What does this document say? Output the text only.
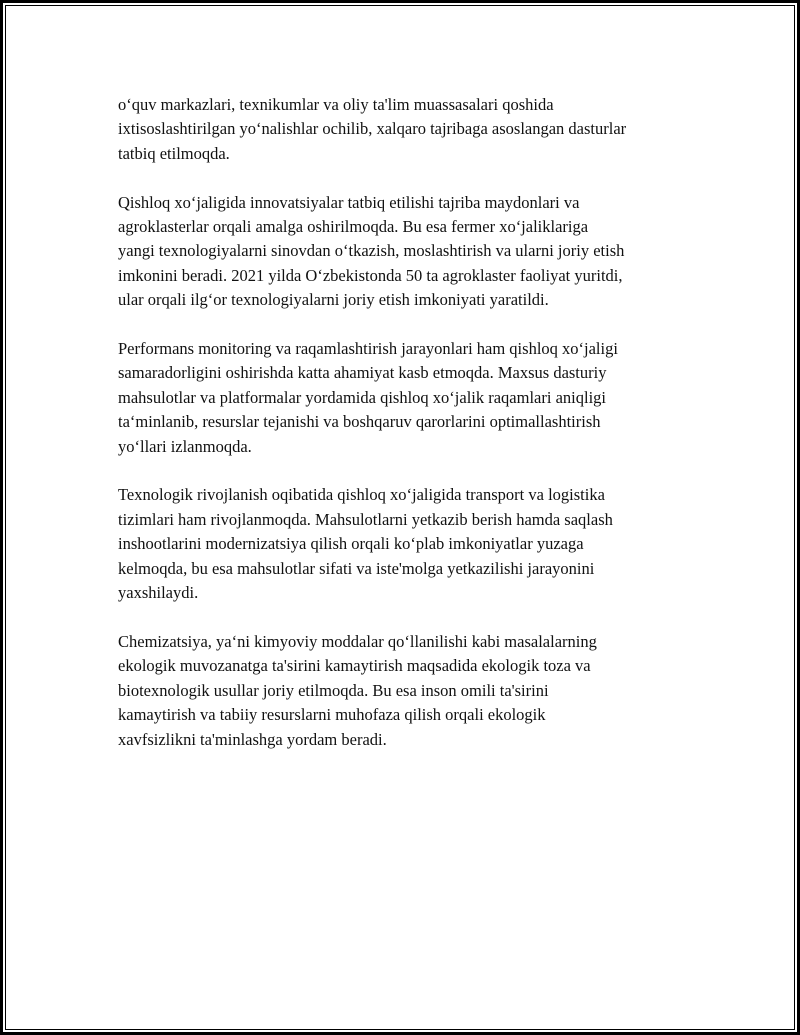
o‘quv markazlari, texnikumlar va oliy ta'lim muassasalari qoshida
ixtisoslashtirilgan yo‘nalishlar ochilib, xalqaro tajribaga asoslangan dasturlar
tatbiq etilmoqda.

Qishloq xo‘jaligida innovatsiyalar tatbiq etilishi tajriba maydonlari va
agroklasterlar orqali amalga oshirilmoqda. Bu esa fermer xo‘jaliklariga
yangi texnologiyalarni sinovdan o‘tkazish, moslashtirish va ularni joriy etish
imkonini beradi. 2021 yilda O‘zbekistonda 50 ta agroklaster faoliyat yuritdi,
ular orqali ilg‘or texnologiyalarni joriy etish imkoniyati yaratildi.

Performans monitoring va raqamlashtirish jarayonlari ham qishloq xo‘jaligi
samaradorligini oshirishda katta ahamiyat kasb etmoqda. Maxsus dasturiy
mahsulotlar va platformalar yordamida qishloq xo‘jalik raqamlari aniqligi
ta‘minlanib, resurslar tejanishi va boshqaruv qarorlarini optimallashtirish
yo‘llari izlanmoqda.

Texnologik rivojlanish oqibatida qishloq xo‘jaligida transport va logistika
tizimlari ham rivojlanmoqda. Mahsulotlarni yetkazib berish hamda saqlash
inshootlarini modernizatsiya qilish orqali ko‘plab imkoniyatlar yuzaga
kelmoqda, bu esa mahsulotlar sifati va iste'molga yetkazilishi jarayonini
yaxshilaydi.

Chemizatsiya, ya‘ni kimyoviy moddalar qo‘llanilishi kabi masalalarning
ekologik muvozanatga ta'sirini kamaytirish maqsadida ekologik toza va
biotexnologik usullar joriy etilmoqda. Bu esa inson omili ta'sirini
kamaytirish va tabiiy resurslarni muhofaza qilish orqali ekologik
xavfsizlikni ta'minlashga yordam beradi.
